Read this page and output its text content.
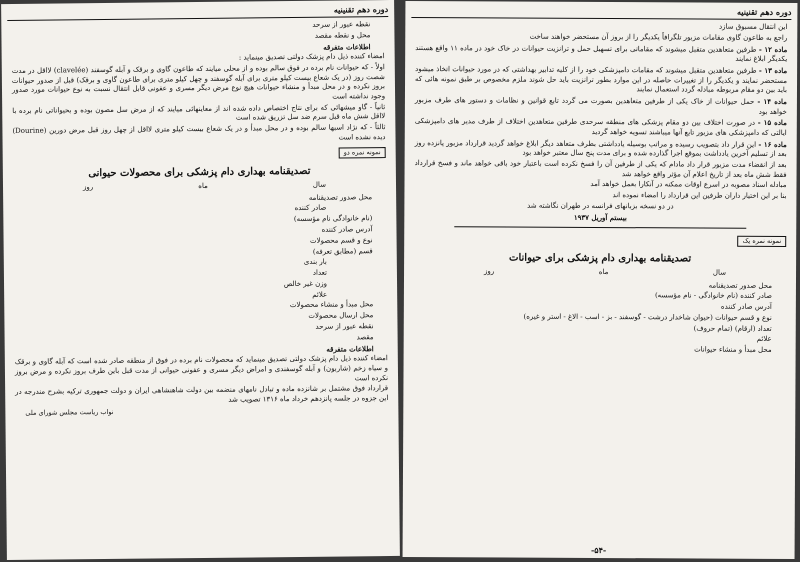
دوره دهم تقنینیه

نقطه عبور از سرحد

محل و نقطه مقصد

اطلاعات متفرقه

امضاء کننده ذیل دام پزشک دولتی تصدیق مینماید :

اولاً - که حیوانات نام برده در فوق سالم بوده و از محلی میایند که طاعون گاوی و برقک و آبله گوسفند (clavelée) لااقل در مدت شصت روز (در یک شعاع بیست کیلو متری برای آبله گوسفند و چهل کیلو متری برای طاعون گاوی و برقک) قبل از صدور حیوانات بروز نکرده و در محل مبدأ و منشاء حیوانات هیچ نوع مرض دیگر مسری و عفونی قابل انتقال نسبت به نوع حیوانات مورد صدور وجود نداشته است

ثانیاً - گاو میشهائی که برای نتاج اختصاص داده شده اند از معاینهائی میایند که از مرض سل مصون بوده و بحیواناتی نام برده با لااقل شش ماه قبل سرم ضد سل تزریق شده است

ثالثاً - که نژاد اسبها سالم بوده و در محل مبدأ و در یک شعاع بیست کیلو متری لااقل از چهل روز قبل مرض دورین (Dourine) دیده نشده است

نمونه نمره دو
تصدیقنامه بهداری دام پزشکی برای محصولات حیوانی
سال
ماه
روز

محل صدور تصدیقنامه

صادر کننده

(نام خانوادگی نام مؤسسه)

آدرس صادر کننده

نوع و قسم محصولات

قسم (مطابق تعرفه)

بار بندی

تعداد

وزن غیر خالص

علائم

محل مبدأ و منشاء محصولات

محل ارسال محصولات

نقطه عبور از سرحد

مقصد

اطلاعات متفرقه

امضاء کننده ذیل دام پزشک دولتی تصدیق مینماید که محصولات نام برده در فوق از منطقه صادر شده است که آبله گاوی و برقک و سیاه زخم (شاربون) و آبله گوسفندی و امراض دیگر مسری و عفونی حیوانی از مدت قبل باین طرف بروز نکرده و مرض بروز نکرده است

قرارداد فوق مشتمل بر شانزده ماده و تبادل نامهای منضمه بین دولت شاهنشاهی ایران و دولت جمهوری ترکیه بشرح مندرجه در این جزوه در جلسه پانزدهم خرداد ماه ۱۳۱۶ تصویب شد

نواب ریاست مجلس شورای ملی

دوره دهم تقنینیه

این انتقال مسبوق سازد

راجع به طاعون گاوی مقامات مزبور تلگرافاً یکدیگر را از بروز آن مستحضر خواهند ساخت

ماده ۱۲ - طرفین متعاهدین متقبل میشوند که مقاماتی برای تسهیل حمل و ترانزیت حیوانات در خاک خود در ماده ۱۱ واقع هستند یکدیگر ابلاغ نمایند

ماده ۱۳ - طرفین متعاهدین متقبل میشوند که مقامات دامپزشکی خود را از کلیه تدابیر بهداشتی که در مورد حیوانات اتخاذ میشود مستحضر نمایند و یکدیگر را از تغییرات حاصله در این موارد بطور ترانزیت باید حل شوند ملزم مخصوص بر طبق نمونه هائی که باید بین دو مقام مربوطه مبادله گردد استعمال نمایند

ماده ۱۴ - حمل حیوانات از خاک یکی از طرفین متعاهدین بصورت می گردد تابع قوانین و نظامات و دستور های طرف مزبور خواهد بود

ماده ۱۵ - در صورت اختلاف بین دو مقام پزشکی های منطقه سرحدی طرفین متعاهدین اختلاف از طرف مدیر های دامپزشکی ایالتی که دامپزشکی های مزبور تابع آنها میباشند تسویه خواهد گردید

ماده ۱۶ - این قرار داد بتصویب رسیده و مراتب بوسیله یادداشتی بطرف متعاهد دیگر ابلاغ خواهد گردید قرارداد مزبور پانزده روز بعد از تسلیم آخرین یادداشت بموقع اجرا گذارده شده و برای مدت پنج سال معتبر خواهد بود

بعد از انقضاء مدت مزبور قرار داد مادام که یکی از طرفین آن را فسخ نکرده است باعتبار خود باقی خواهد ماند و فسخ قرارداد فقط شش ماه بعد از تاریخ اعلام آن مؤثر واقع خواهد شد

مبادله اسناد مصوبه در اسرع اوقات ممکنه در آنکارا بعمل خواهد آمد

بنا بر این اختیار داران طرفین این قرارداد را امضاء نموده اند

در دو نسخه بزبانهای فرانسه در طهران نگاشته شد

بیستم آوریل ۱۹۳۷

نمونه نمره یک
تصدیقنامه بهداری دام پزشکی برای حیوانات
سال
ماه
روز

محل صدور تصدیقنامه

صادر کننده (نام خانوادگی - نام مؤسسه)

آدرس صادر کننده

نوع و قسم حیوانات (حیوان شاخدار درشت - گوسفند - بز - اسب - الاغ - استر و غیره)

تعداد (ارقام) (تمام حروف)

علائم

محل مبدأ و منشاء حیوانات

-۵۴-
